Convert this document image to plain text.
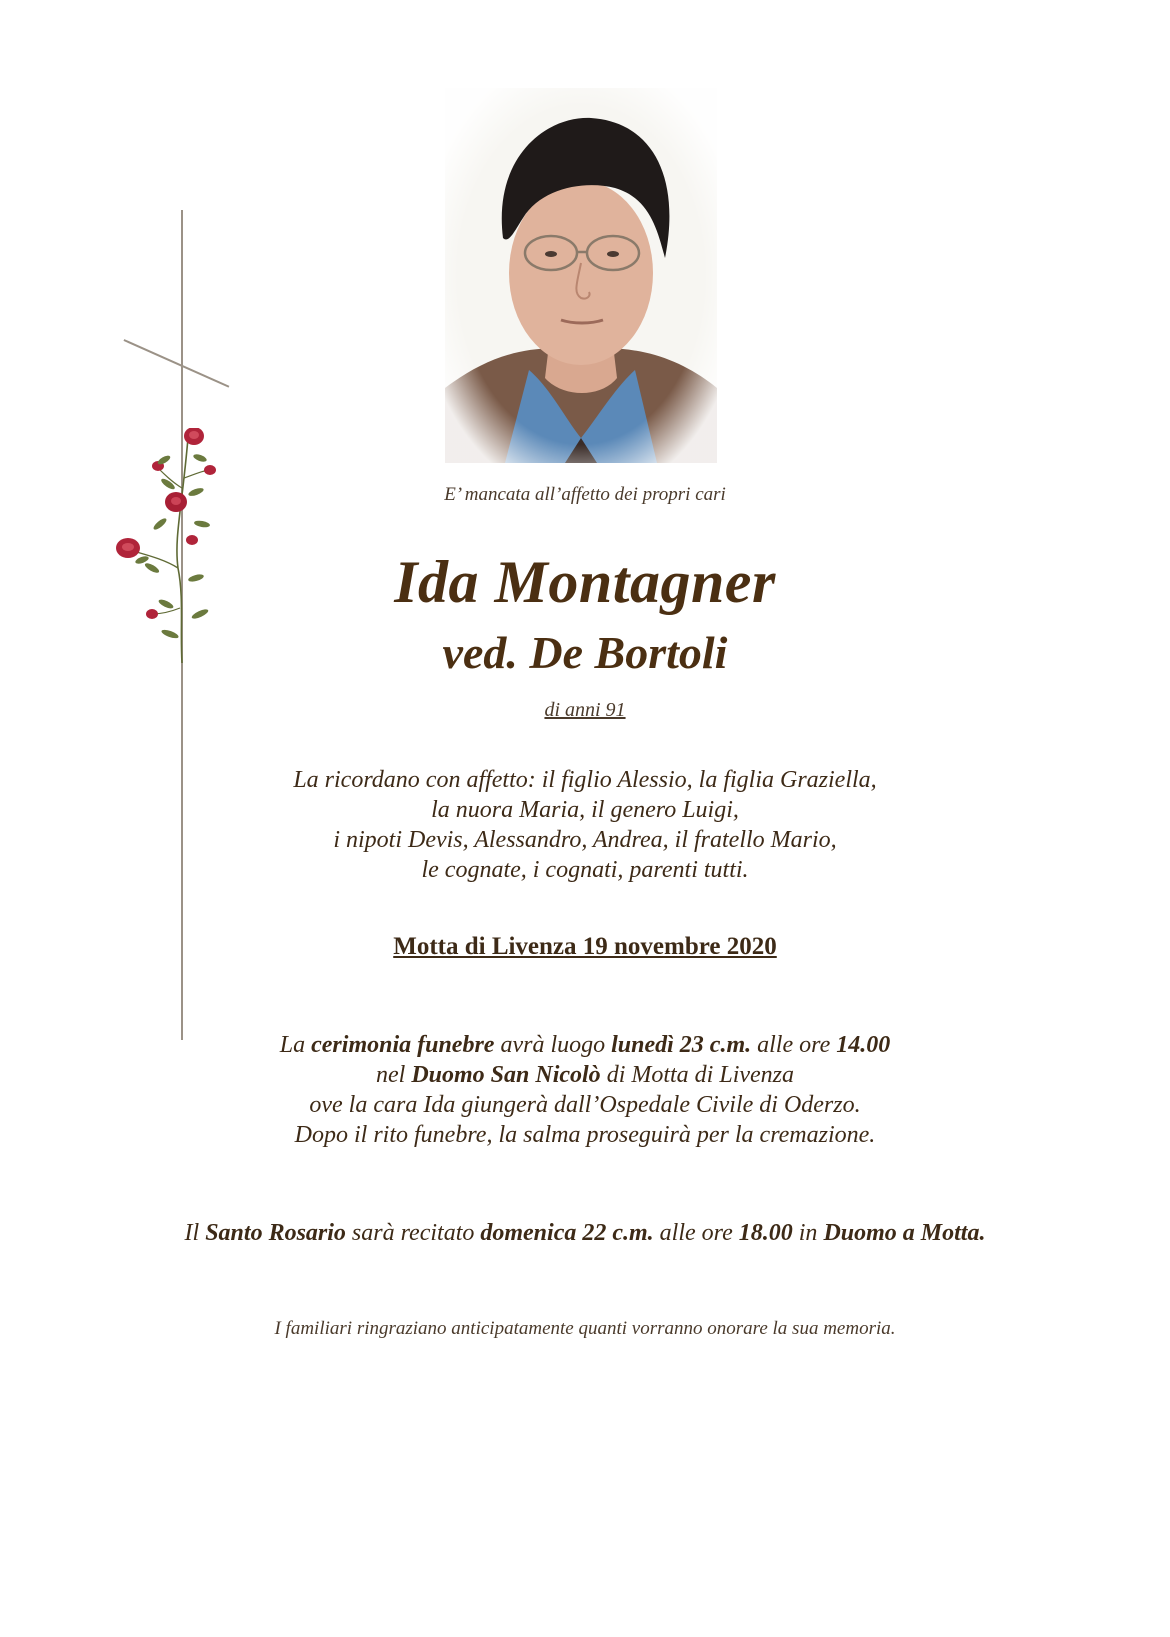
E’ mancata all’affetto dei propri cari
Ida Montagner
ved. De Bortoli
di anni 91
La ricordano con affetto: il figlio Alessio, la figlia Graziella,
la nuora Maria, il genero Luigi,
i nipoti Devis, Alessandro, Andrea, il fratello Mario,
le cognate, i cognati, parenti tutti.
Motta di Livenza 19 novembre 2020
La cerimonia funebre avrà luogo lunedì 23 c.m. alle ore 14.00
nel Duomo San Nicolò di Motta di Livenza
ove la cara Ida giungerà dall’Ospedale Civile di Oderzo.
Dopo il rito funebre, la salma proseguirà per la cremazione.
Il Santo Rosario sarà recitato domenica 22 c.m. alle ore 18.00 in Duomo a Motta.
I familiari ringraziano anticipatamente quanti vorranno onorare la sua memoria.
